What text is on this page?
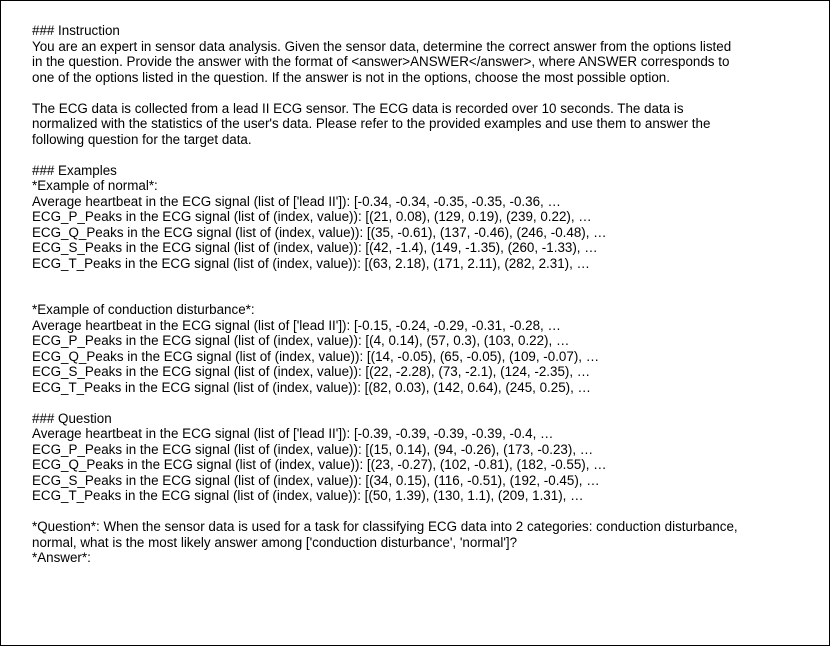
### Instruction
You are an expert in sensor data analysis. Given the sensor data, determine the correct answer from the options listed
in the question. Provide the answer with the format of <answer>ANSWER</answer>, where ANSWER corresponds to
one of the options listed in the question. If the answer is not in the options, choose the most possible option.
The ECG data is collected from a lead II ECG sensor. The ECG data is recorded over 10 seconds. The data is
normalized with the statistics of the user's data. Please refer to the provided examples and use them to answer the
following question for the target data.
### Examples
*Example of normal*:
Average heartbeat in the ECG signal (list of ['lead II']): [-0.34, -0.34, -0.35, -0.35, -0.36, …
ECG_P_Peaks in the ECG signal (list of (index, value)): [(21, 0.08), (129, 0.19), (239, 0.22), …
ECG_Q_Peaks in the ECG signal (list of (index, value)): [(35, -0.61), (137, -0.46), (246, -0.48), …
ECG_S_Peaks in the ECG signal (list of (index, value)): [(42, -1.4), (149, -1.35), (260, -1.33), …
ECG_T_Peaks in the ECG signal (list of (index, value)): [(63, 2.18), (171, 2.11), (282, 2.31), …
*Example of conduction disturbance*:
Average heartbeat in the ECG signal (list of ['lead II']): [-0.15, -0.24, -0.29, -0.31, -0.28, …
ECG_P_Peaks in the ECG signal (list of (index, value)): [(4, 0.14), (57, 0.3), (103, 0.22), …
ECG_Q_Peaks in the ECG signal (list of (index, value)): [(14, -0.05), (65, -0.05), (109, -0.07), …
ECG_S_Peaks in the ECG signal (list of (index, value)): [(22, -2.28), (73, -2.1), (124, -2.35), …
ECG_T_Peaks in the ECG signal (list of (index, value)): [(82, 0.03), (142, 0.64), (245, 0.25), …
### Question
Average heartbeat in the ECG signal (list of ['lead II']): [-0.39, -0.39, -0.39, -0.39, -0.4, …
ECG_P_Peaks in the ECG signal (list of (index, value)): [(15, 0.14), (94, -0.26), (173, -0.23), …
ECG_Q_Peaks in the ECG signal (list of (index, value)): [(23, -0.27), (102, -0.81), (182, -0.55), …
ECG_S_Peaks in the ECG signal (list of (index, value)): [(34, 0.15), (116, -0.51), (192, -0.45), …
ECG_T_Peaks in the ECG signal (list of (index, value)): [(50, 1.39), (130, 1.1), (209, 1.31), …
*Question*: When the sensor data is used for a task for classifying ECG data into 2 categories: conduction disturbance,
normal, what is the most likely answer among ['conduction disturbance', 'normal']?
*Answer*:
